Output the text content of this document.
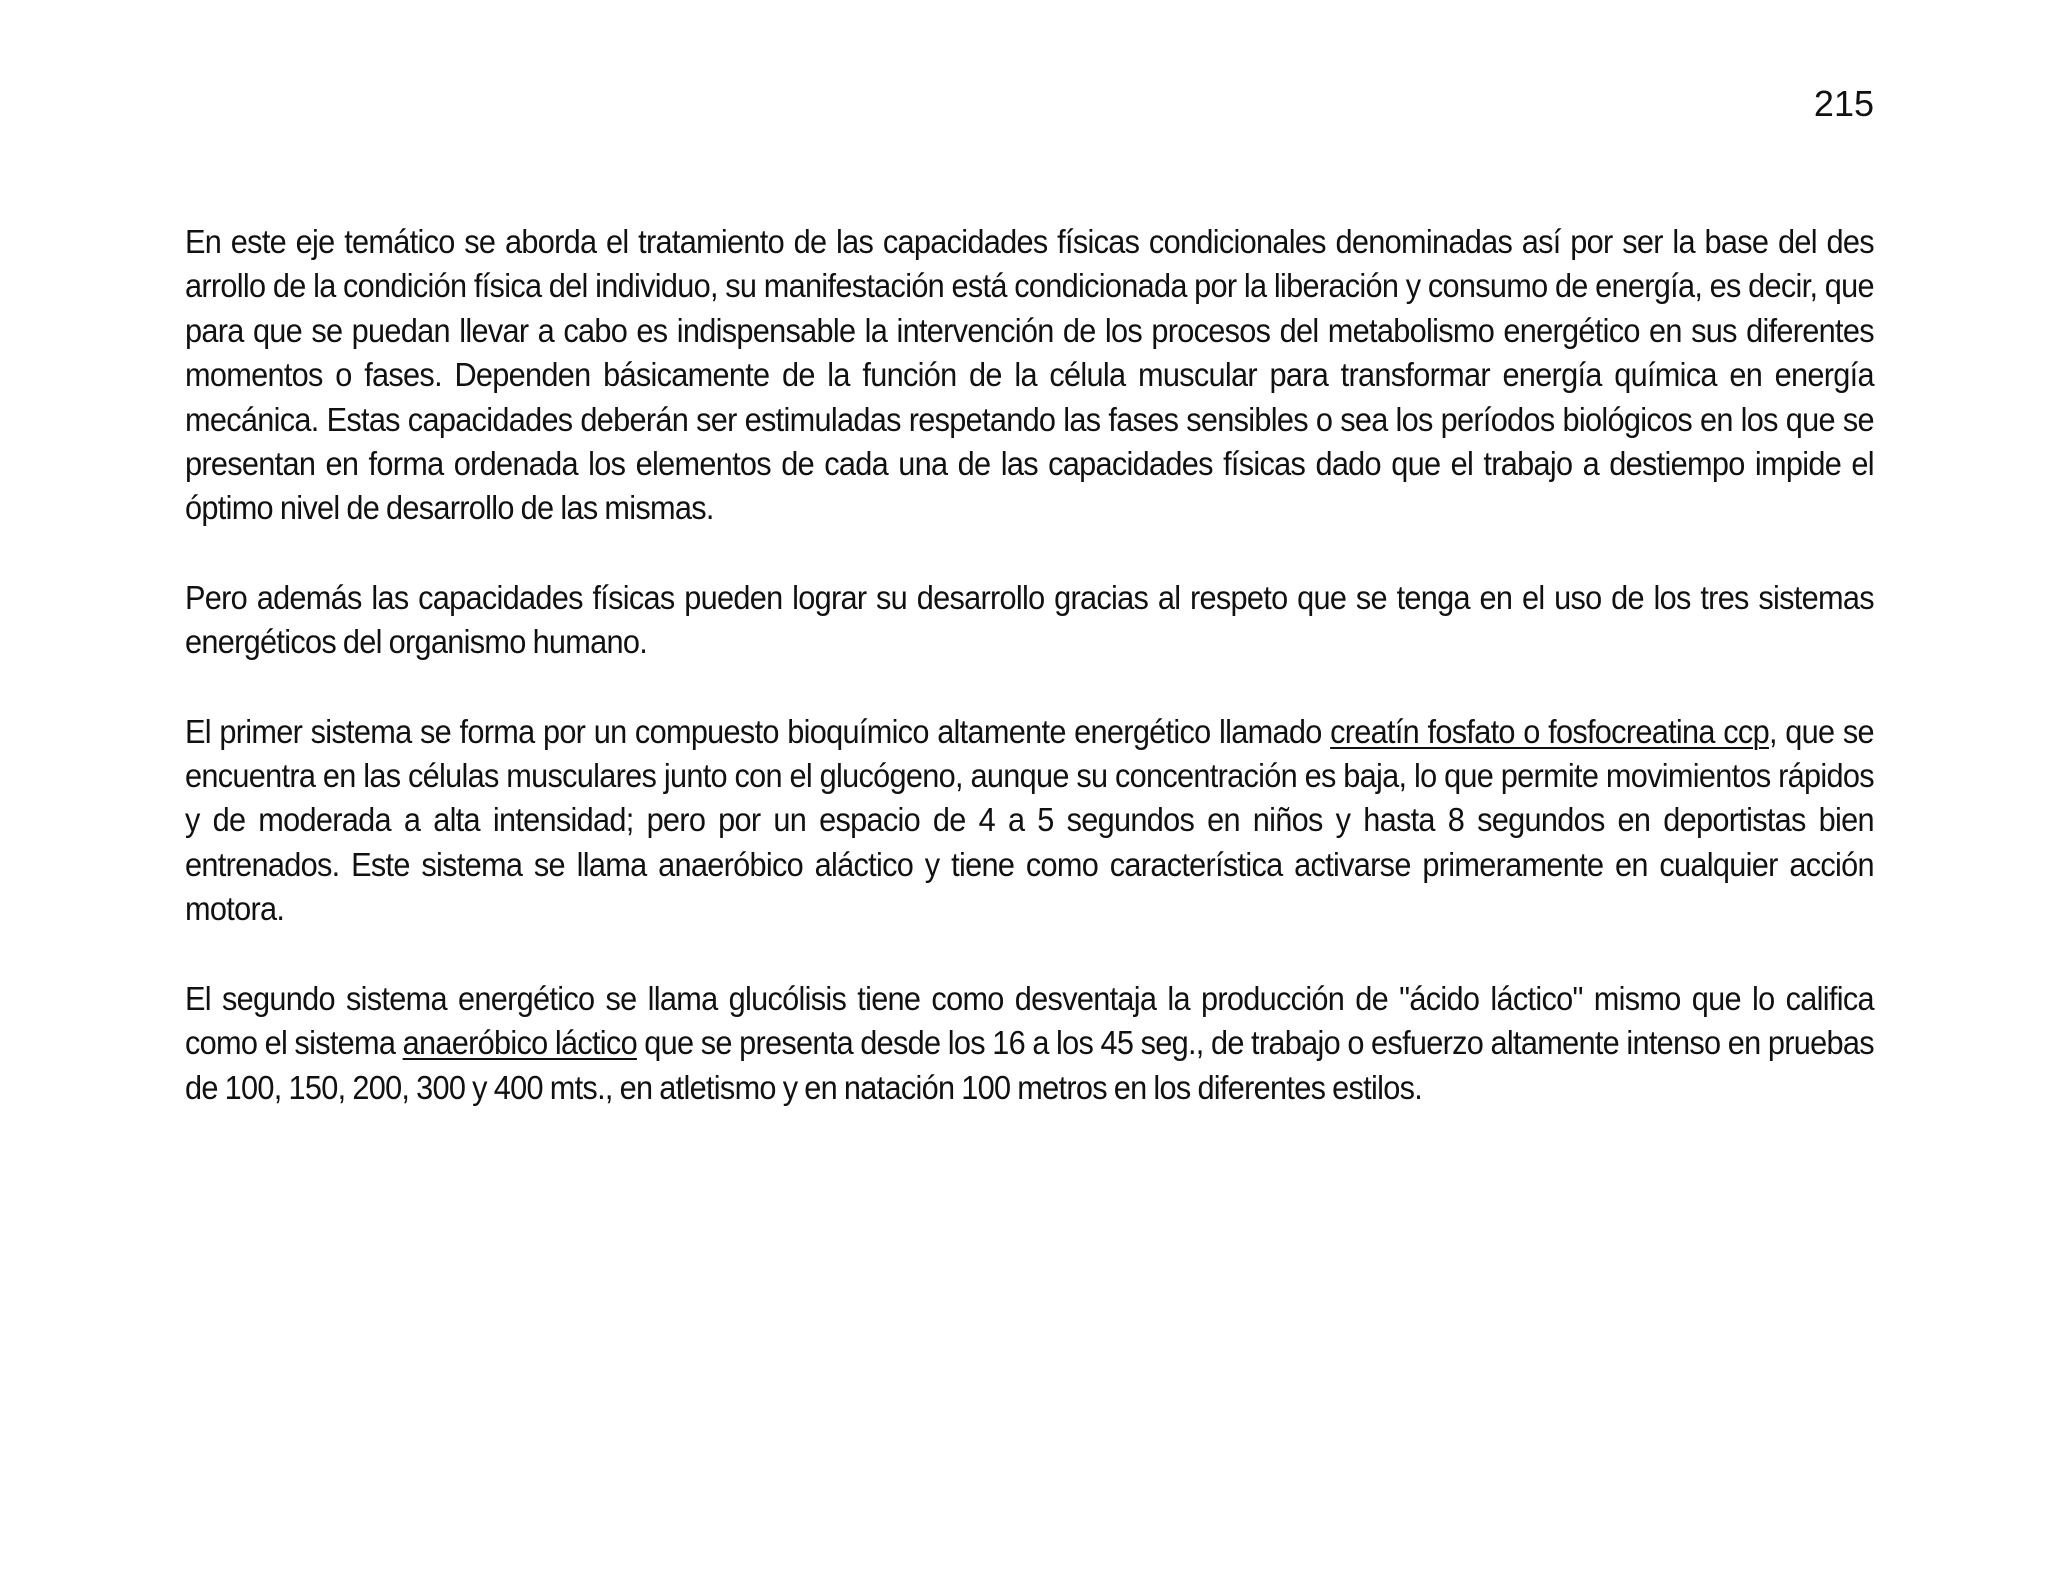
215

En este eje temático se aborda el tratamiento de las capacidades físicas condicionales denominadas así por ser la base del des arrollo de la condición física del individuo, su manifestación está condicionada por la liberación y consumo de energía, es decir, que para que se puedan llevar a cabo es indispensable la intervención de los procesos del metabolismo energético en sus diferentes momentos o fases. Dependen básicamente de la función de la célula muscular para transformar energía química en energía mecánica. Estas capacidades deberán ser estimuladas respetando las fases sensibles o sea los períodos biológicos en los que se presentan en forma ordenada los elementos de cada una de las capacidades físicas dado que el trabajo a destiempo impide el óptimo nivel de desarrollo de las mismas.

Pero además las capacidades físicas pueden lograr su desarrollo gracias al respeto que se tenga en el uso de los tres sistemas energéticos del organismo humano.

El primer sistema se forma por un compuesto bioquímico altamente energético llamado creatín fosfato o fosfocreatina ccp, que se encuentra en las células musculares junto con el glucógeno, aunque su concentración es baja, lo que permite movimientos rápidos y de moderada a alta intensidad; pero por un espacio de 4 a 5 segundos en niños y hasta 8 segundos en deportistas bien entrenados. Este sistema se llama anaeróbico aláctico y tiene como característica activarse primeramente en cualquier acción motora.

El segundo sistema energético se llama glucólisis tiene como desventaja la producción de "ácido láctico" mismo que lo califica como el sistema anaeróbico láctico que se presenta desde los 16 a los 45 seg., de trabajo o esfuerzo altamente intenso en pruebas de 100, 150, 200, 300 y 400 mts., en atletismo y en natación 100 metros en los diferentes estilos.
